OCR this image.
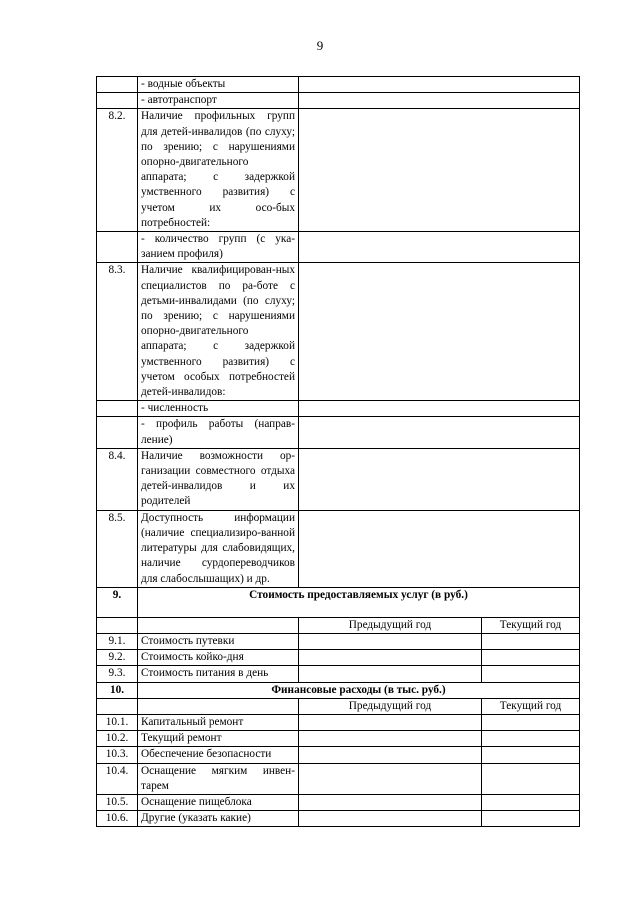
9
	- водные объекты		
	- автотранспорт		
8.2.	Наличие профильных групп для детей-инвалидов (по слуху; по зрению; с нарушениями опорно-двигательного аппарата; с задержкой умственного развития) с учетом их осо-бых потребностей:		
	- количество групп (с ука-занием профиля)		
8.3.	Наличие квалифицирован-ных специалистов по ра-боте с детьми-инвалидами (по слуху; по зрению; с нарушениями опорно-двигательного аппарата; с задержкой умственного развития) с учетом особых потребностей детей-инвалидов:		
	- численность		
	- профиль работы (направ-ление)		
8.4.	Наличие возможности ор-ганизации совместного отдыха детей-инвалидов и их родителей		
8.5.	Доступность информации (наличие специализиро-ванной литературы для слабовидящих, наличие сурдопереводчиков для слабослышащих) и др.		
9.	Стоимость предоставляемых услуг (в руб.)		
		Предыдущий год	Текущий год
9.1.	Стоимость путевки		
9.2.	Стоимость койко-дня		
9.3.	Стоимость питания в день		
10.	Финансовые расходы (в тыс. руб.)		
		Предыдущий год	Текущий год
10.1.	Капитальный ремонт		
10.2.	Текущий ремонт		
10.3.	Обеспечение безопасности		
10.4.	Оснащение мягким инвен-тарем		
10.5.	Оснащение пищеблока		
10.6.	Другие (указать какие)		
